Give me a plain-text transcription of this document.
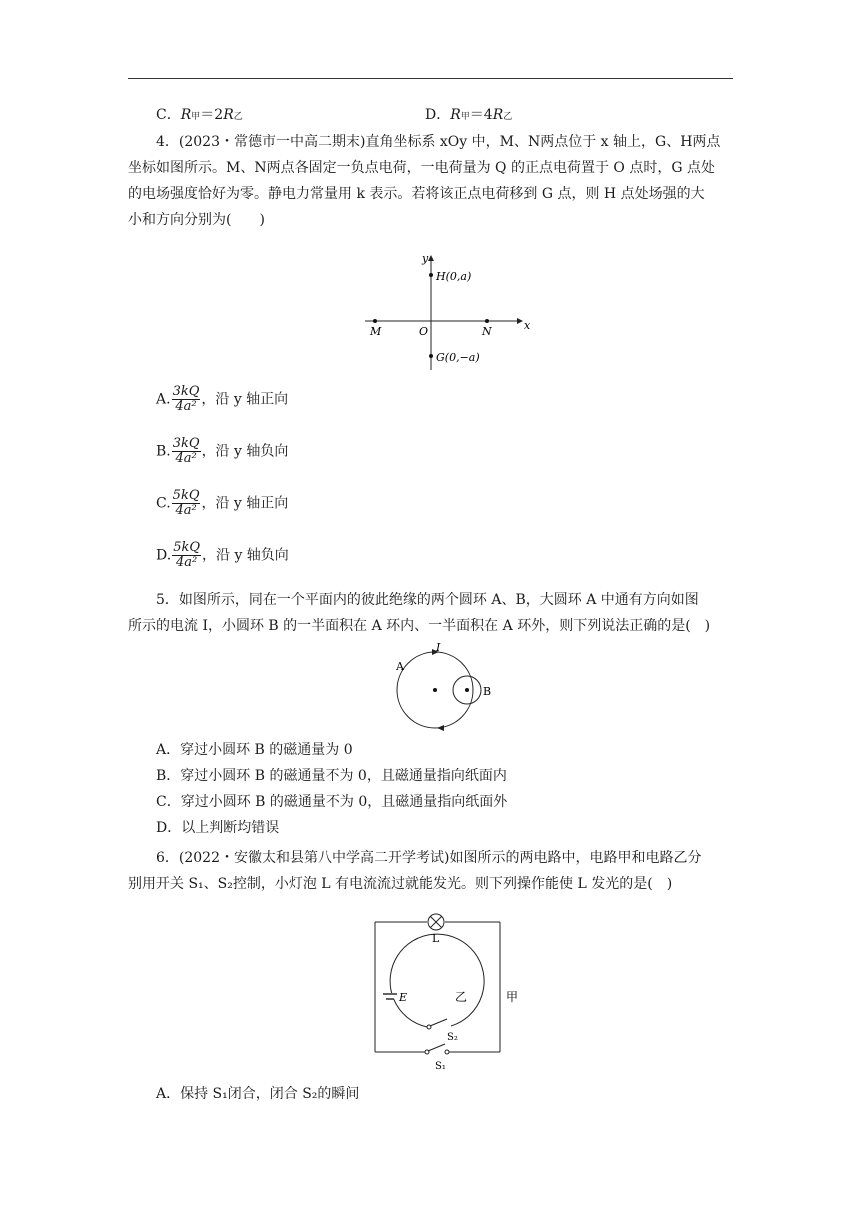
C．R甲＝2R乙	D．R甲＝4R乙
4．(2023・常德市一中高二期末)直角坐标系 xOy 中，M、N两点位于 x 轴上，G、H两点
坐标如图所示。M、N两点各固定一负点电荷，一电荷量为 Q 的正点电荷置于 O 点时，G 点处
的电场强度恰好为零。静电力常量用 k 表示。若将该正点电荷移到 G 点，则 H 点处场强的大
小和方向分别为(　　)
y
x
H(0,a)
G(0,−a)
M	O	N
A. $\frac{3kQ}{\text{4a²}}$ ，沿 y 轴正向
B. $\frac{3kQ}{\text{4a²}}$ ，沿 y 轴负向
C. $\frac{5kQ}{\text{4a²}}$ ，沿 y 轴正向
D. $\frac{5kQ}{\text{4a²}}$ ，沿 y 轴负向
5．如图所示，同在一个平面内的彼此绝缘的两个圆环 A、B，大圆环 A 中通有方向如图
所示的电流 I，小圆环 B 的一半面积在 A 环内、一半面积在 A 环外，则下列说法正确的是(　)
A
B
I
A．穿过小圆环 B 的磁通量为 0
B．穿过小圆环 B 的磁通量不为 0，且磁通量指向纸面内
C．穿过小圆环 B 的磁通量不为 0，且磁通量指向纸面外
D．以上判断均错误
6．(2022・安徽太和县第八中学高二开学考试)如图所示的两电路中，电路甲和电路乙分
别用开关 S₁、S₂控制，小灯泡 L 有电流流过就能发光。则下列操作能使 L 发光的是(　)
L
E	乙	甲
S₂
S₁
A．保持 S₁闭合，闭合 S₂的瞬间
